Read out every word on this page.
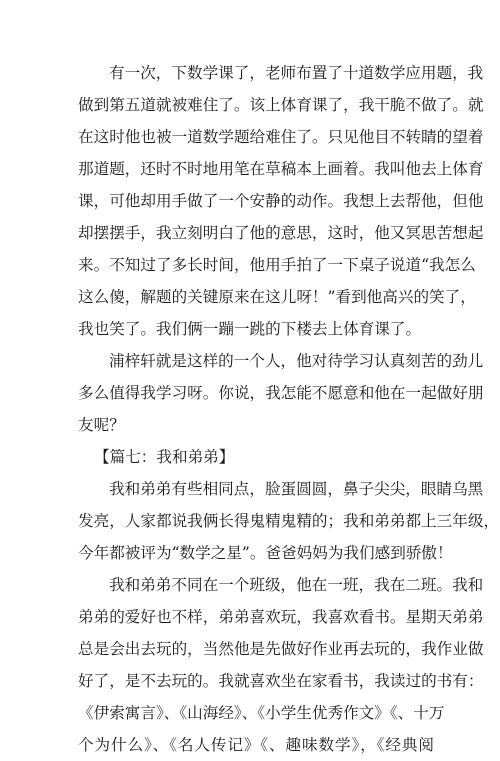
有一次，下数学课了，老师布置了十道数学应用题，我
做到第五道就被难住了。该上体育课了，我干脆不做了。就
在这时他也被一道数学题给难住了。只见他目不转睛的望着
那道题，还时不时地用笔在草稿本上画着。我叫他去上体育
课，可他却用手做了一个安静的动作。我想上去帮他，但他
却摆摆手，我立刻明白了他的意思，这时，他又冥思苦想起
来。不知过了多长时间，他用手拍了一下桌子说道“我怎么
这么傻，解题的关键原来在这儿呀！”看到他高兴的笑了，
我也笑了。我们俩一蹦一跳的下楼去上体育课了。
浦梓轩就是这样的一个人，他对待学习认真刻苦的劲儿
多么值得我学习呀。你说，我怎能不愿意和他在一起做好朋
友呢？
【篇七：我和弟弟】
我和弟弟有些相同点，脸蛋圆圆，鼻子尖尖，眼睛乌黑
发亮，人家都说我俩长得鬼精鬼精的；我和弟弟都上三年级，
今年都被评为“数学之星”。爸爸妈妈为我们感到骄傲！
我和弟弟不同在一个班级，他在一班，我在二班。我和
弟弟的爱好也不样，弟弟喜欢玩，我喜欢看书。星期天弟弟
总是会出去玩的，当然他是先做好作业再去玩的，我作业做
好了，是不去玩的。我就喜欢坐在家看书，我读过的书有：
《伊索寓言》、《山海经》、《小学生优秀作文》《、十万
个为什么》、《名人传记》《、趣味数学》，《经典阅
